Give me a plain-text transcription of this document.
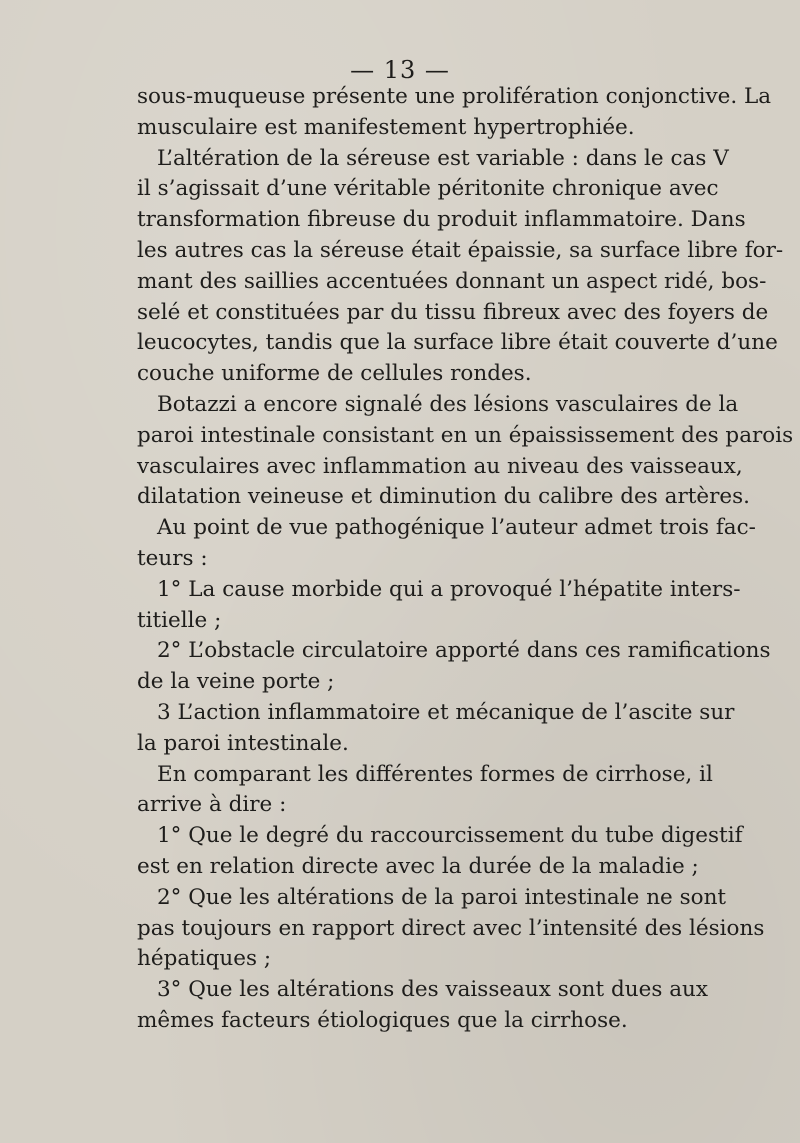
— 13 —
sous-muqueuse présente une prolifération conjonctive. La
musculaire est manifestement hypertrophiée.
L’altération de la séreuse est variable : dans le cas V
il s’agissait d’une véritable péritonite chronique avec
transformation fibreuse du produit inflammatoire. Dans
les autres cas la séreuse était épaissie, sa surface libre for-
mant des saillies accentuées donnant un aspect ridé, bos-
selé et constituées par du tissu fibreux avec des foyers de
leucocytes, tandis que la surface libre était couverte d’une
couche uniforme de cellules rondes.
Botazzi a encore signalé des lésions vasculaires de la
paroi intestinale consistant en un épaississement des parois
vasculaires avec inflammation au niveau des vaisseaux,
dilatation veineuse et diminution du calibre des artères.
Au point de vue pathogénique l’auteur admet trois fac-
teurs :
1° La cause morbide qui a provoqué l’hépatite inters-
titielle ;
2° L’obstacle circulatoire apporté dans ces ramifications
de la veine porte ;
3 L’action inflammatoire et mécanique de l’ascite sur
la paroi intestinale.
En comparant les différentes formes de cirrhose, il
arrive à dire :
1° Que le degré du raccourcissement du tube digestif
est en relation directe avec la durée de la maladie ;
2° Que les altérations de la paroi intestinale ne sont
pas toujours en rapport direct avec l’intensité des lésions
hépatiques ;
3° Que les altérations des vaisseaux sont dues aux
mêmes facteurs étiologiques que la cirrhose.
